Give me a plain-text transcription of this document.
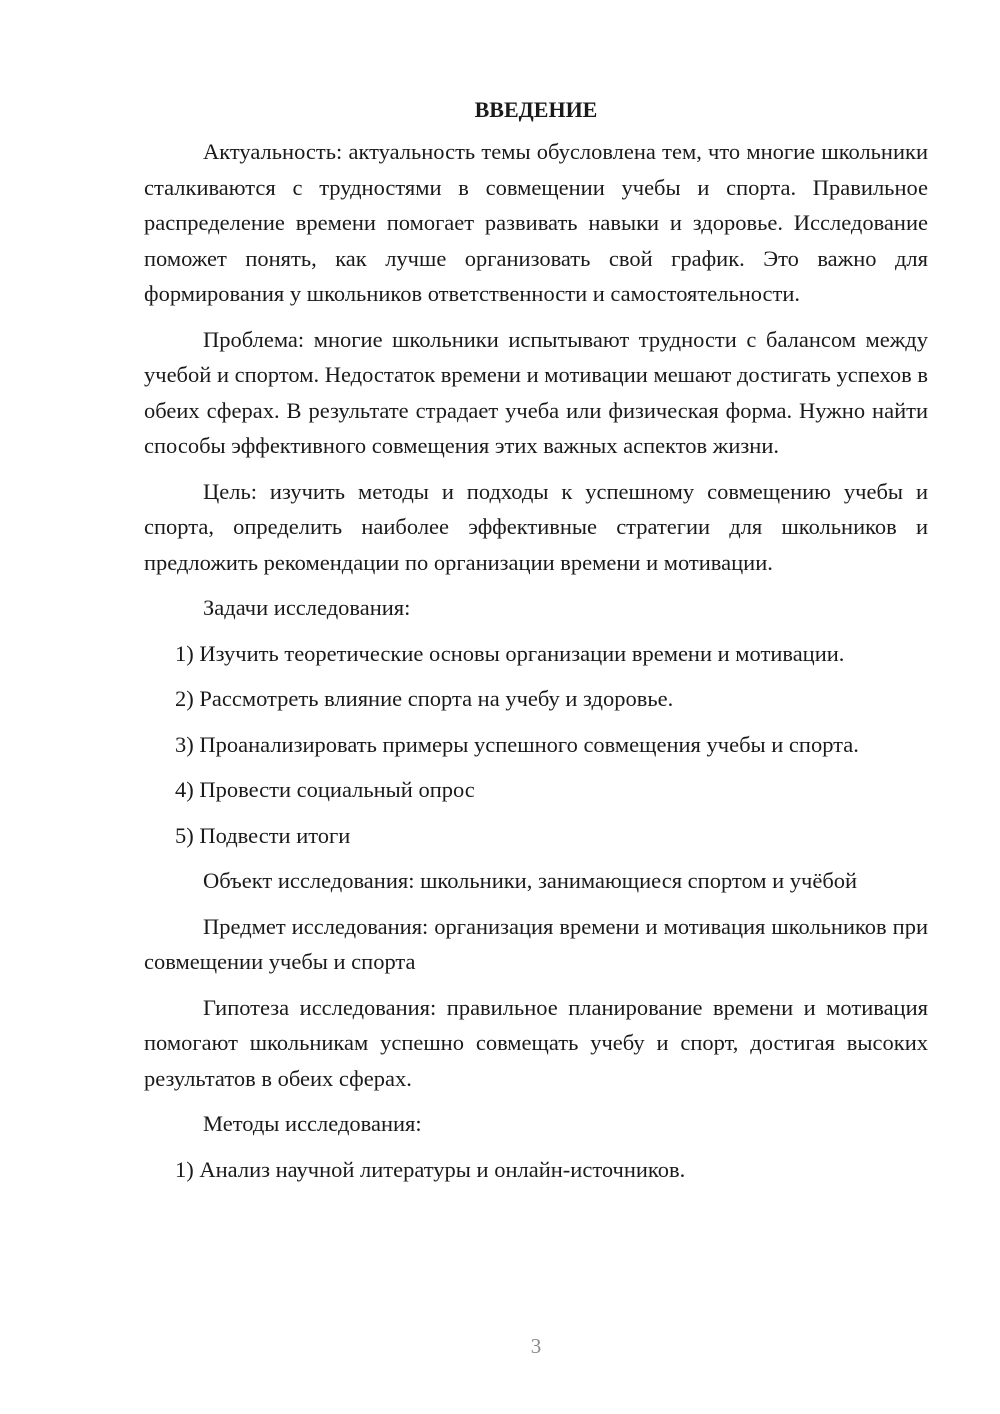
ВВЕДЕНИЕ

Актуальность: актуальность темы обусловлена тем, что многие школьники сталкиваются с трудностями в совмещении учебы и спорта. Правильное распределение времени помогает развивать навыки и здоровье. Исследование поможет понять, как лучше организовать свой график. Это важно для формирования у школьников ответственности и самостоятельности.

Проблема: многие школьники испытывают трудности с балансом между учебой и спортом. Недостаток времени и мотивации мешают достигать успехов в обеих сферах. В результате страдает учеба или физическая форма. Нужно найти способы эффективного совмещения этих важных аспектов жизни.

Цель: изучить методы и подходы к успешному совмещению учебы и спорта, определить наиболее эффективные стратегии для школьников и предложить рекомендации по организации времени и мотивации.

Задачи исследования:

1) Изучить теоретические основы организации времени и мотивации.

2) Рассмотреть влияние спорта на учебу и здоровье.

3) Проанализировать примеры успешного совмещения учебы и спорта.

4) Провести социальный опрос

5) Подвести итоги

Объект исследования: школьники, занимающиеся спортом и учёбой

Предмет исследования: организация времени и мотивация школьников при совмещении учебы и спорта

Гипотеза исследования: правильное планирование времени и мотивация помогают школьникам успешно совмещать учебу и спорт, достигая высоких результатов в обеих сферах.

Методы исследования:

1) Анализ научной литературы и онлайн-источников.

3
